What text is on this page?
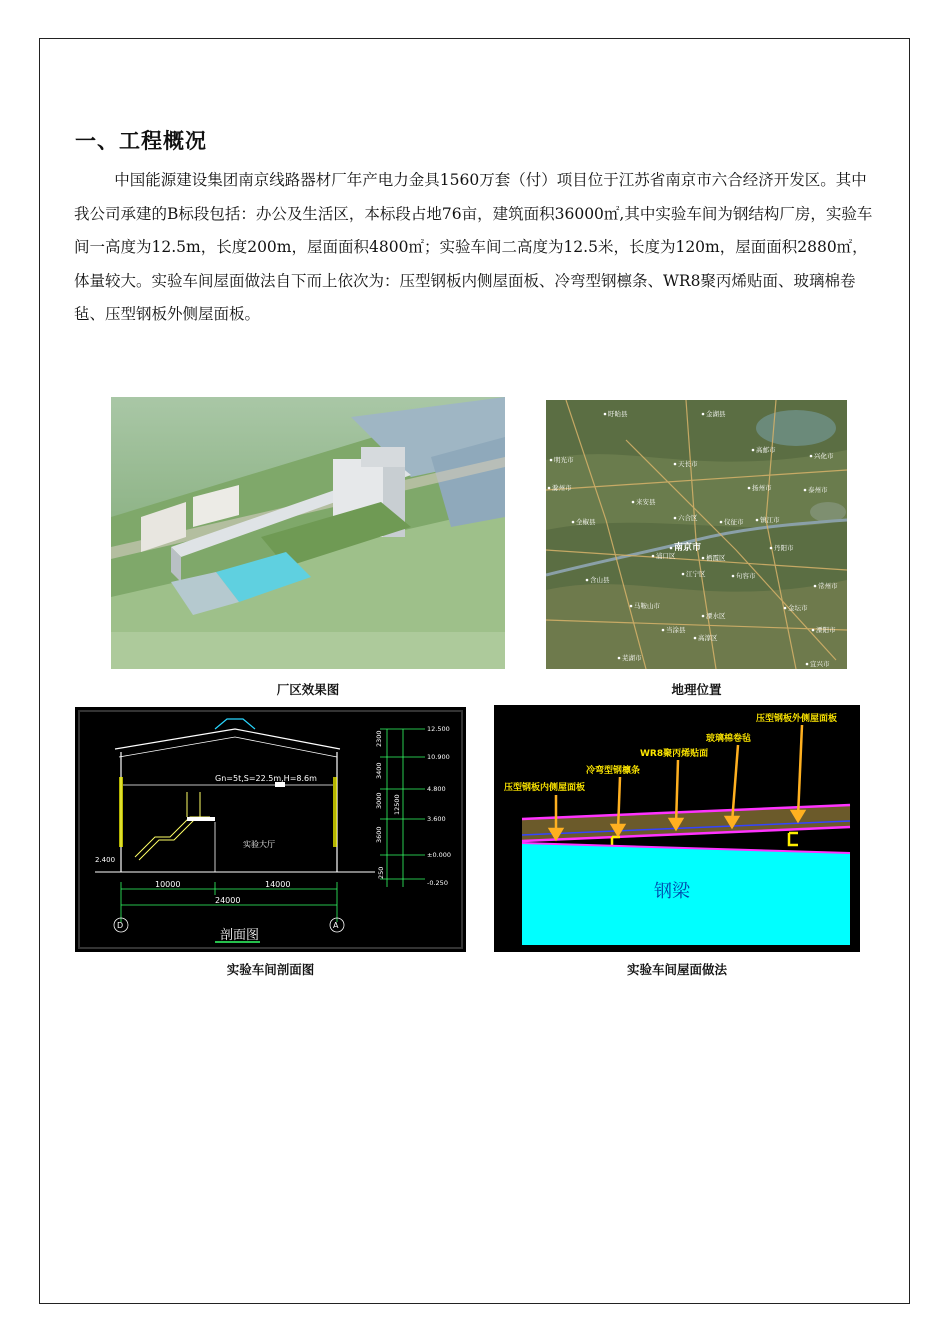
一、工程概况
中国能源建设集团南京线路器材厂年产电力金具1560万套（付）项目位于江苏省南京市六合经济开发区。其中我公司承建的B标段包括：办公及生活区，本标段占地76亩，建筑面积36000㎡,其中实验车间为钢结构厂房，实验车间一高度为12.5m，长度200m，屋面面积4800㎡；实验车间二高度为12.5米，长度为120m，屋面面积2880㎡，体量较大。实验车间屋面做法自下而上依次为：压型钢板内侧屋面板、冷弯型钢檩条、WR8聚丙烯贴面、玻璃棉卷毡、压型钢板外侧屋面板。
厂区效果图
盱眙县	金湖县
高邮市
兴化市
明光市	天长市
滁州市	扬州市	泰州市
来安县
六合区	仪征市	镇江市
南京市
浦口区	栖霞区
丹阳市
江宁区	句容市
马鞍山市
溧水区
常州市
金坛市
芜湖市
高淳区
宜兴市
全椒县
溧阳市
含山县
当涂县
地理位置
Gn=5t,S=22.5m,H=8.6m
实验大厅
2.400
10000	14000
24000
D	A
剖面图
2300
3400
3000
3600
250
12500
12.500
10.900
4.800
3.600
±0.000
-0.250
实验车间剖面图
钢梁
压型钢板外侧屋面板
玻璃棉卷毡
WR8聚丙烯贴面
冷弯型钢檩条
压型钢板内侧屋面板
实验车间屋面做法
